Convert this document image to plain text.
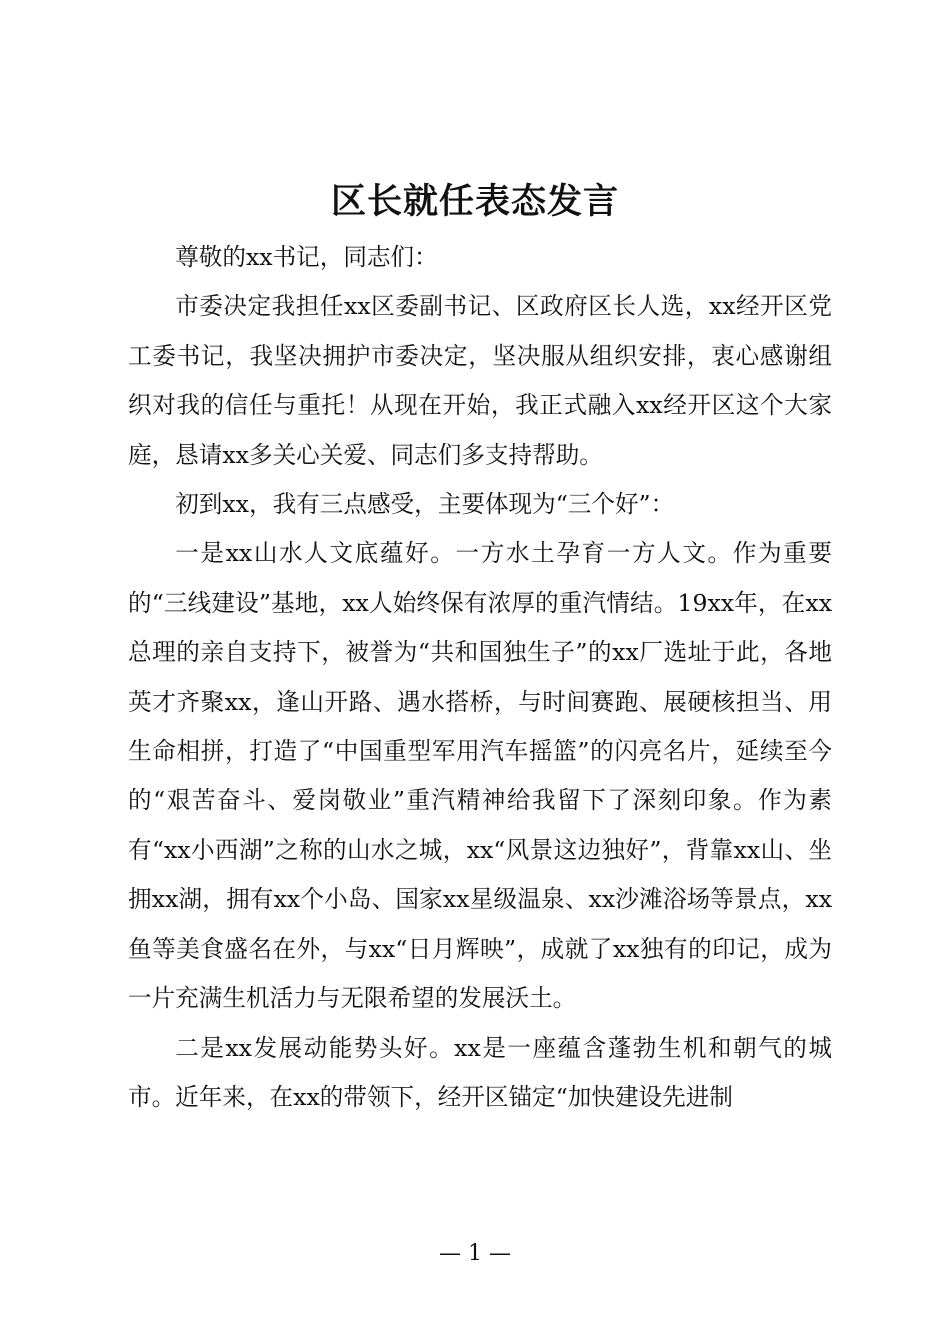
区长就任表态发言

尊敬的xx书记，同志们：

市委决定我担任xx区委副书记、区政府区长人选，xx经开区党工委书记，我坚决拥护市委决定，坚决服从组织安排，衷心感谢组织对我的信任与重托！从现在开始，我正式融入xx经开区这个大家庭，恳请xx多关心关爱、同志们多支持帮助。

初到xx，我有三点感受，主要体现为“三个好”：

一是xx山水人文底蕴好。一方水土孕育一方人文。作为重要的“三线建设”基地，xx人始终保有浓厚的重汽情结。19xx年，在xx总理的亲自支持下，被誉为“共和国独生子”的xx厂选址于此，各地英才齐聚xx，逢山开路、遇水搭桥，与时间赛跑、展硬核担当、用生命相拼，打造了“中国重型军用汽车摇篮”的闪亮名片，延续至今的“艰苦奋斗、爱岗敬业”重汽精神给我留下了深刻印象。作为素有“xx小西湖”之称的山水之城，xx“风景这边独好”，背靠xx山、坐拥xx湖，拥有xx个小岛、国家xx星级温泉、xx沙滩浴场等景点，xx鱼等美食盛名在外，与xx“日月辉映”，成就了xx独有的印记，成为一片充满生机活力与无限希望的发展沃土。

二是xx发展动能势头好。xx是一座蕴含蓬勃生机和朝气的城市。近年来，在xx的带领下，经开区锚定“加快建设先进制

— 1 —
